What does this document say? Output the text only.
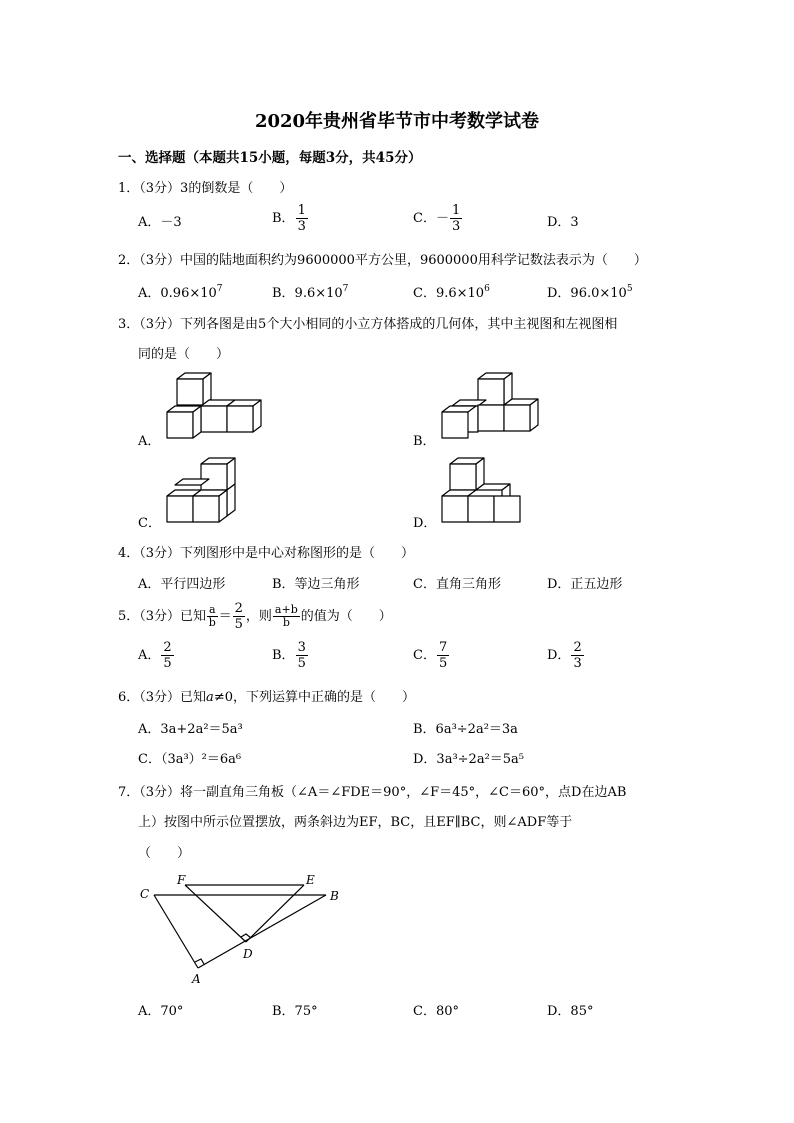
2020年贵州省毕节市中考数学试卷
一、选择题（本题共15小题，每题3分，共45分）
1．（3分）3的倒数是（　　）
A．－3	B． $\frac{1}{3}$	C．－ $\frac{1}{3}$	D．3
2．（3分）中国的陆地面积约为9600000平方公里，9600000用科学记数法表示为（　　）
A．$0.96\times 10^7$	B．$9.6\times 10^7$	C．$9.6\times 10^6$	D．$96.0\times 10^5$
3．（3分）下列各图是由5个大小相同的小立方体搭成的几何体，其中主视图和左视图相
同的是（　　）
A．	B．
C．	D．
4．（3分）下列图形中是中心对称图形的是（　　）
A．平行四边形	B．等边三角形	C．直角三角形	D．正五边形
5．（3分）已知 $\frac{a}{b} = \frac{2}{5}$ ，则 $\frac{a+b}{b}$ 的值为（　　）
A． $\frac{2}{5}$	B． $\frac{3}{5}$	C． $\frac{7}{5}$	D． $\frac{2}{3}$
6．（3分）已知a≠0，下列运算中正确的是（　　）
A．3a+2a²＝5a³	B．6a³÷2a²＝3a
C．（3a³）²＝6a⁶	D．3a³÷2a²＝5a⁵
7．（3分）将一副直角三角板（∠A＝∠FDE＝90°，∠F＝45°，∠C＝60°，点D在边AB
上）按图中所示位置摆放，两条斜边为EF，BC，且EF∥BC，则∠ADF等于
（　　）
C
F	E
B
D
A
A．70°	B．75°	C．80°	D．85°
